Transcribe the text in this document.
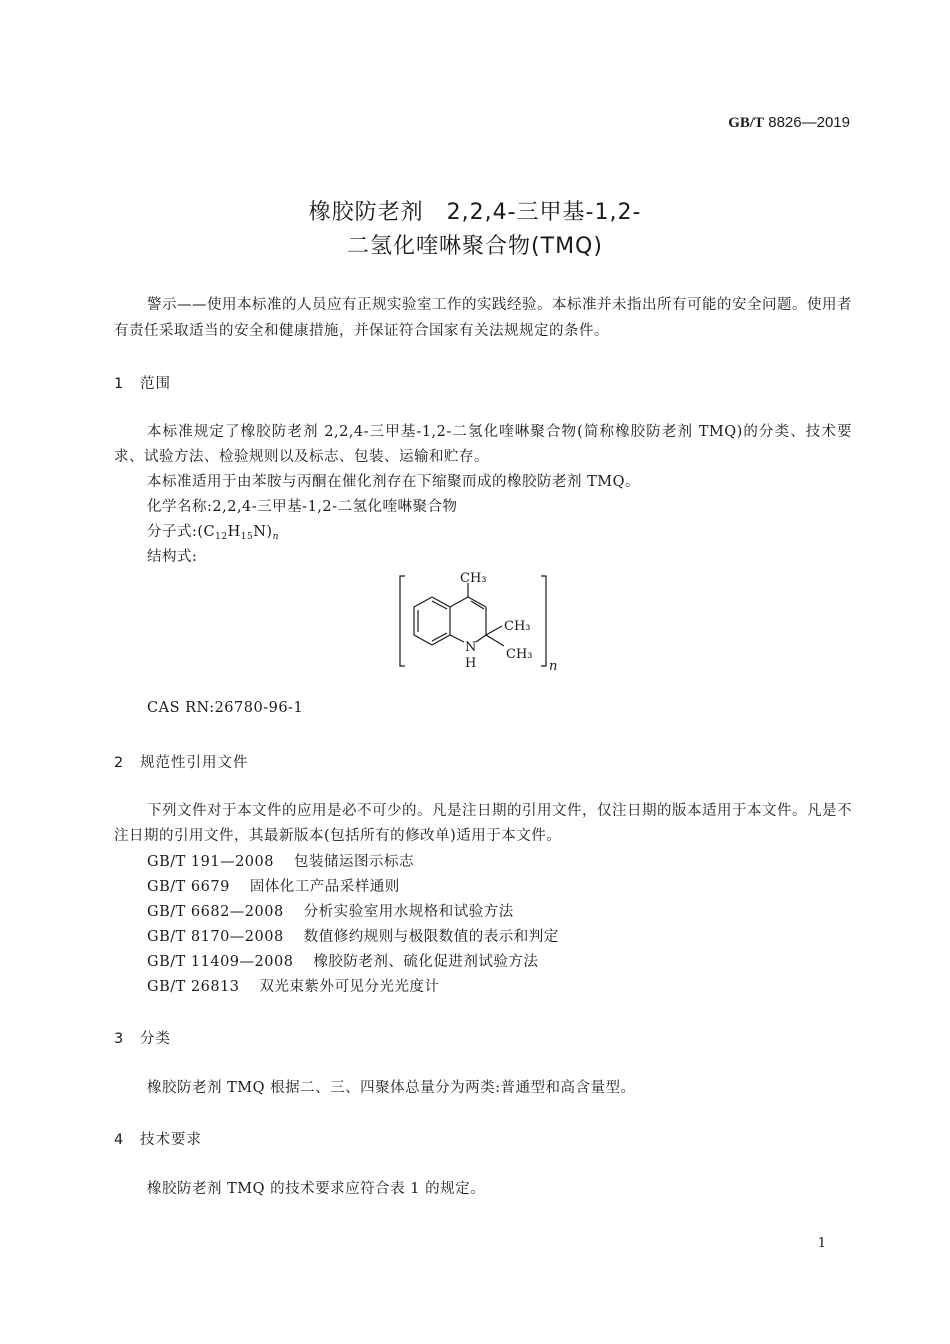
GB/T 8826—2019
橡胶防老剂　2,2,4-三甲基-1,2-
二氢化喹啉聚合物(TMQ)
警示——使用本标准的人员应有正规实验室工作的实践经验。本标准并未指出所有可能的安全问题。使用者有责任采取适当的安全和健康措施，并保证符合国家有关法规规定的条件。
1 范围
本标准规定了橡胶防老剂 2,2,4-三甲基-1,2-二氢化喹啉聚合物(简称橡胶防老剂 TMQ)的分类、技术要求、试验方法、检验规则以及标志、包装、运输和贮存。
本标准适用于由苯胺与丙酮在催化剂存在下缩聚而成的橡胶防老剂 TMQ。
化学名称:2,2,4-三甲基-1,2-二氢化喹啉聚合物
分子式$:(C_{12}H_{15}N)_n$
结构式:
CH₃
CH₃
CH₃
N
H	n
CAS RN:26780-96-1
2 规范性引用文件
下列文件对于本文件的应用是必不可少的。凡是注日期的引用文件，仅注日期的版本适用于本文件。凡是不注日期的引用文件，其最新版本(包括所有的修改单)适用于本文件。
GB/T 191—2008 包装储运图示标志
GB/T 6679 固体化工产品采样通则
GB/T 6682—2008 分析实验室用水规格和试验方法
GB/T 8170—2008 数值修约规则与极限数值的表示和判定
GB/T 11409—2008 橡胶防老剂、硫化促进剂试验方法
GB/T 26813 双光束紫外可见分光光度计
3 分类
橡胶防老剂 TMQ 根据二、三、四聚体总量分为两类:普通型和高含量型。
4 技术要求
橡胶防老剂 TMQ 的技术要求应符合表 1 的规定。
1
